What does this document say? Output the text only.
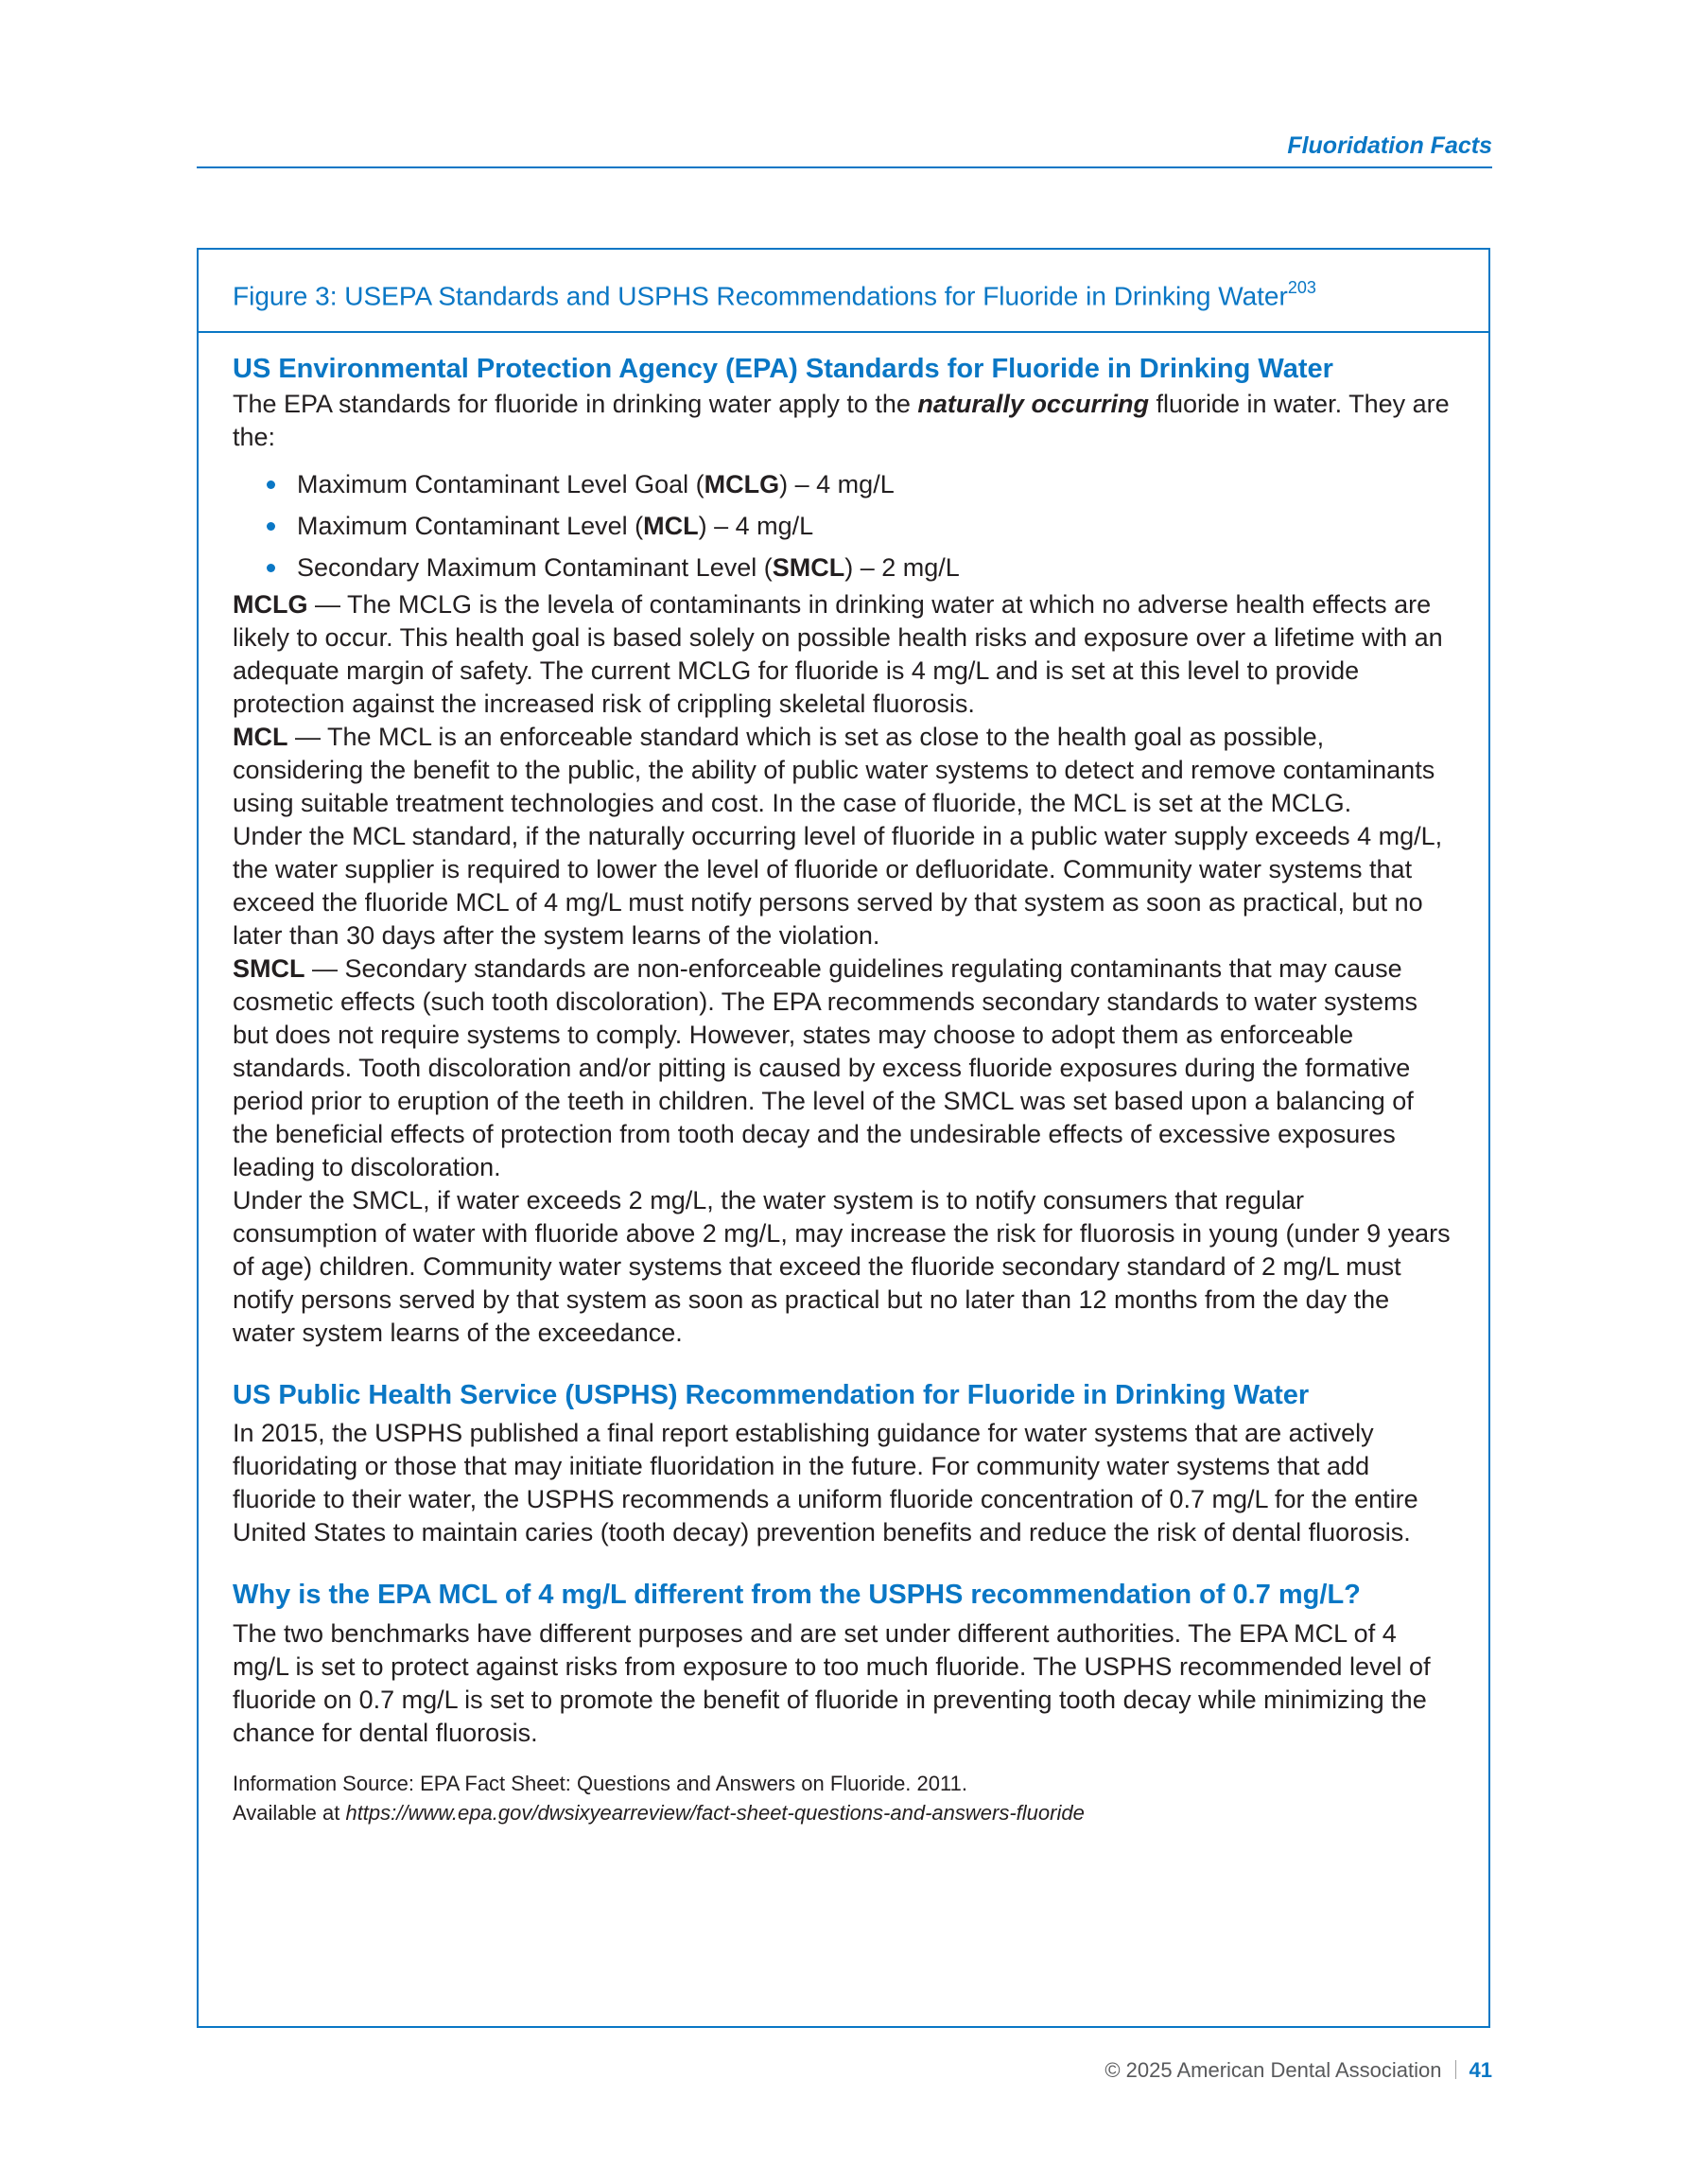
Fluoridation Facts
Figure 3: USEPA Standards and USPHS Recommendations for Fluoride in Drinking Water$^{203}$
US Environmental Protection Agency (EPA) Standards for Fluoride in Drinking Water

The EPA standards for fluoride in drinking water apply to the naturally occurring fluoride in water. They are the:

Maximum Contaminant Level Goal (MCLG) – 4 mg/L
Maximum Contaminant Level (MCL) – 4 mg/L
Secondary Maximum Contaminant Level (SMCL) – 2 mg/L

MCLG — The MCLG is the levela of contaminants in drinking water at which no adverse health effects are likely to occur. This health goal is based solely on possible health risks and exposure over a lifetime with an adequate margin of safety. The current MCLG for fluoride is 4 mg/L and is set at this level to provide protection against the increased risk of crippling skeletal fluorosis.

MCL — The MCL is an enforceable standard which is set as close to the health goal as possible, considering the benefit to the public, the ability of public water systems to detect and remove contaminants using suitable treatment technologies and cost. In the case of fluoride, the MCL is set at the MCLG.

Under the MCL standard, if the naturally occurring level of fluoride in a public water supply exceeds 4 mg/L, the water supplier is required to lower the level of fluoride or defluoridate. Community water systems that exceed the fluoride MCL of 4 mg/L must notify persons served by that system as soon as practical, but no later than 30 days after the system learns of the violation.

SMCL — Secondary standards are non-enforceable guidelines regulating contaminants that may cause cosmetic effects (such tooth discoloration). The EPA recommends secondary standards to water systems but does not require systems to comply. However, states may choose to adopt them as enforceable standards. Tooth discoloration and/or pitting is caused by excess fluoride exposures during the formative period prior to eruption of the teeth in children. The level of the SMCL was set based upon a balancing of the beneficial effects of protection from tooth decay and the undesirable effects of excessive exposures leading to discoloration.

Under the SMCL, if water exceeds 2 mg/L, the water system is to notify consumers that regular consumption of water with fluoride above 2 mg/L, may increase the risk for fluorosis in young (under 9 years of age) children. Community water systems that exceed the fluoride secondary standard of 2 mg/L must notify persons served by that system as soon as practical but no later than 12 months from the day the water system learns of the exceedance.

US Public Health Service (USPHS) Recommendation for Fluoride in Drinking Water

In 2015, the USPHS published a final report establishing guidance for water systems that are actively fluoridating or those that may initiate fluoridation in the future. For community water systems that add fluoride to their water, the USPHS recommends a uniform fluoride concentration of 0.7 mg/L for the entire United States to maintain caries (tooth decay) prevention benefits and reduce the risk of dental fluorosis.

Why is the EPA MCL of 4 mg/L different from the USPHS recommendation of 0.7 mg/L?

The two benchmarks have different purposes and are set under different authorities. The EPA MCL of 4 mg/L is set to protect against risks from exposure to too much fluoride. The USPHS recommended level of fluoride on 0.7 mg/L is set to promote the benefit of fluoride in preventing tooth decay while minimizing the chance for dental fluorosis.

Information Source: EPA Fact Sheet: Questions and Answers on Fluoride. 2011.
Available at https://www.epa.gov/dwsixyearreview/fact-sheet-questions-and-answers-fluoride
© 2025 American Dental Association 41
